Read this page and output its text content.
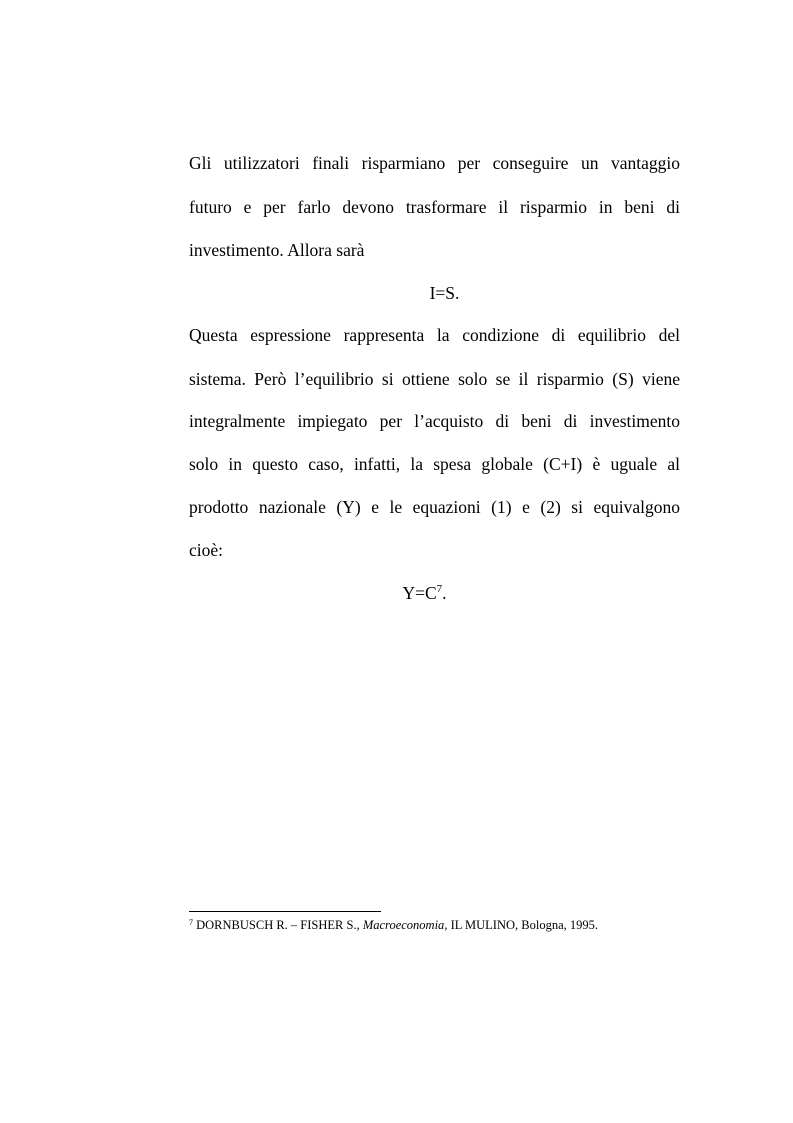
Gli utilizzatori finali risparmiano per conseguire un vantaggio

futuro e per farlo devono trasformare il risparmio in beni di

investimento. Allora sarà

I=S.

Questa espressione rappresenta la condizione di equilibrio del

sistema. Però l’equilibrio si ottiene solo se il risparmio (S) viene

integralmente impiegato per l’acquisto di beni di investimento

solo in questo caso, infatti, la spesa globale (C+I) è uguale al

prodotto nazionale (Y) e le equazioni (1) e (2) si equivalgono

cioè:

$Y=C^7$.

$^7$ DORNBUSCH R. – FISHER S., Macroeconomia, IL MULINO, Bologna, 1995.
